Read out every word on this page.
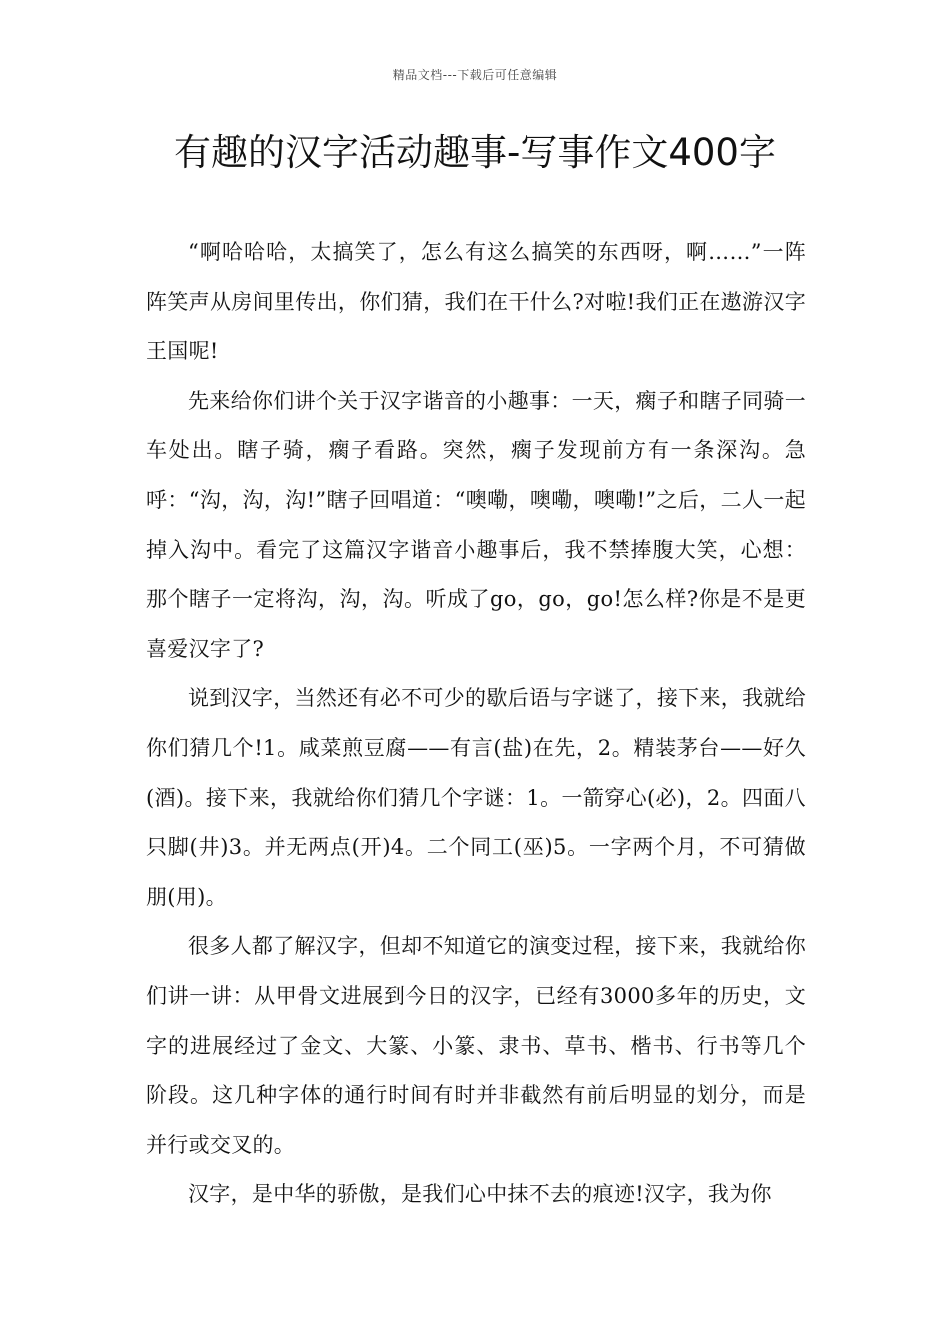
精品文档---下载后可任意编辑
有趣的汉字活动趣事-写事作文400字

“啊哈哈哈，太搞笑了，怎么有这么搞笑的东西呀，啊……”一阵阵笑声从房间里传出，你们猜，我们在干什么?对啦!我们正在遨游汉字王国呢!

先来给你们讲个关于汉字谐音的小趣事：一天，瘸子和瞎子同骑一车处出。瞎子骑，瘸子看路。突然，瘸子发现前方有一条深沟。急呼：“沟，沟，沟!”瞎子回唱道：“噢嘞，噢嘞，噢嘞!”之后，二人一起掉入沟中。看完了这篇汉字谐音小趣事后，我不禁捧腹大笑，心想：那个瞎子一定将沟，沟，沟。听成了go，go，go!怎么样?你是不是更喜爱汉字了?

说到汉字，当然还有必不可少的歇后语与字谜了，接下来，我就给你们猜几个!1。咸菜煎豆腐——有言(盐)在先，2。精装茅台——好久(酒)。接下来，我就给你们猜几个字谜：1。一箭穿心(必)，2。四面八只脚(井)3。并无两点(开)4。二个同工(巫)5。一字两个月，不可猜做朋(用)。

很多人都了解汉字，但却不知道它的演变过程，接下来，我就给你们讲一讲：从甲骨文进展到今日的汉字，已经有3000多年的历史，文字的进展经过了金文、大篆、小篆、隶书、草书、楷书、行书等几个阶段。这几种字体的通行时间有时并非截然有前后明显的划分，而是并行或交叉的。

汉字，是中华的骄傲，是我们心中抹不去的痕迹!汉字，我为你
